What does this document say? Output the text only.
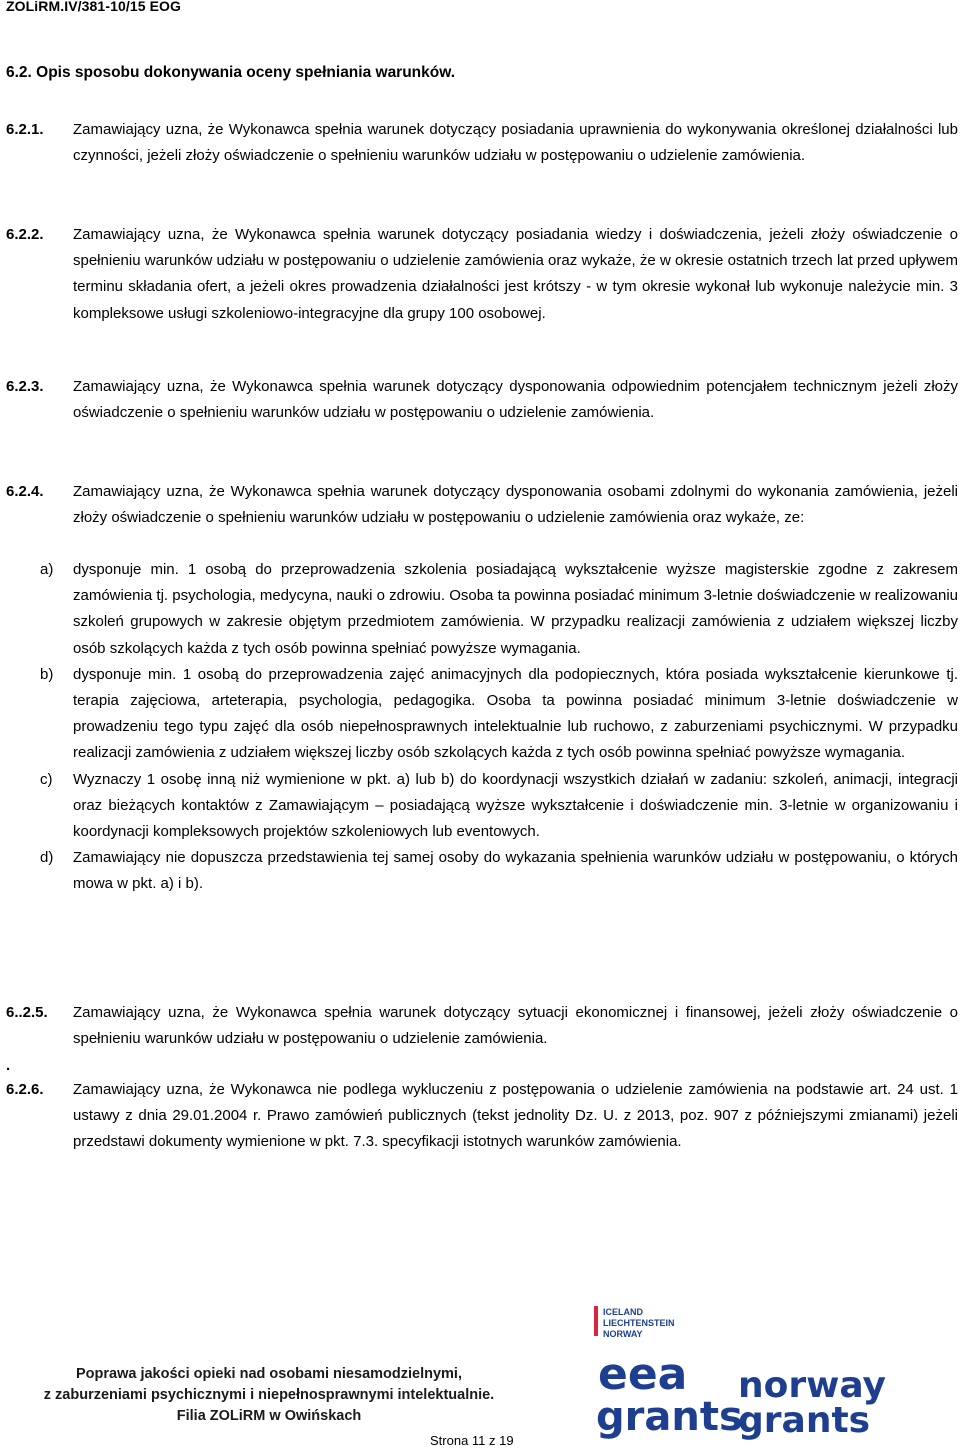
ZOLiRM.IV/381-10/15 EOG
6.2. Opis sposobu dokonywania oceny spełniania warunków.
6.2.1. Zamawiający uzna, że Wykonawca spełnia warunek dotyczący posiadania uprawnienia do wykonywania określonej działalności lub czynności, jeżeli złoży oświadczenie o spełnieniu warunków udziału w postępowaniu o udzielenie zamówienia.
6.2.2. Zamawiający uzna, że Wykonawca spełnia warunek dotyczący posiadania wiedzy i doświadczenia, jeżeli złoży oświadczenie o spełnieniu warunków udziału w postępowaniu o udzielenie zamówienia oraz wykaże, że w okresie ostatnich trzech lat przed upływem terminu składania ofert, a jeżeli okres prowadzenia działalności jest krótszy - w tym okresie wykonał lub wykonuje należycie min. 3 kompleksowe usługi szkoleniowo-integracyjne dla grupy 100 osobowej.
6.2.3. Zamawiający uzna, że Wykonawca spełnia warunek dotyczący dysponowania odpowiednim potencjałem technicznym jeżeli złoży oświadczenie o spełnieniu warunków udziału w postępowaniu o udzielenie zamówienia.
6.2.4. Zamawiający uzna, że Wykonawca spełnia warunek dotyczący dysponowania osobami zdolnymi do wykonania zamówienia, jeżeli złoży oświadczenie o spełnieniu warunków udziału w postępowaniu o udzielenie zamówienia oraz wykaże, ze:
a) dysponuje min. 1 osobą do przeprowadzenia szkolenia posiadającą wykształcenie wyższe magisterskie zgodne z zakresem zamówienia tj. psychologia, medycyna, nauki o zdrowiu. Osoba ta powinna posiadać minimum 3-letnie doświadczenie w realizowaniu szkoleń grupowych w zakresie objętym przedmiotem zamówienia. W przypadku realizacji zamówienia z udziałem większej liczby osób szkolących każda z tych osób powinna spełniać powyższe wymagania.
b) dysponuje min. 1 osobą do przeprowadzenia zajęć animacyjnych dla podopiecznych, która posiada wykształcenie kierunkowe tj. terapia zajęciowa, arteterapia, psychologia, pedagogika. Osoba ta powinna posiadać minimum 3-letnie doświadczenie w prowadzeniu tego typu zajęć dla osób niepełnosprawnych intelektualnie lub ruchowo, z zaburzeniami psychicznymi. W przypadku realizacji zamówienia z udziałem większej liczby osób szkolących każda z tych osób powinna spełniać powyższe wymagania.
c) Wyznaczy 1 osobę inną niż wymienione w pkt. a) lub b) do koordynacji wszystkich działań w zadaniu: szkoleń, animacji, integracji oraz bieżących kontaktów z Zamawiającym – posiadającą wyższe wykształcenie i doświadczenie min. 3-letnie w organizowaniu i koordynacji kompleksowych projektów szkoleniowych lub eventowych.
d) Zamawiający nie dopuszcza przedstawienia tej samej osoby do wykazania spełnienia warunków udziału w postępowaniu, o których mowa w pkt. a) i b).
6..2.5. Zamawiający uzna, że Wykonawca spełnia warunek dotyczący sytuacji ekonomicznej i finansowej, jeżeli złoży oświadczenie o spełnieniu warunków udziału w postępowaniu o udzielenie zamówienia.
.
6.2.6. Zamawiający uzna, że Wykonawca nie podlega wykluczeniu z postępowania o udzielenie zamówienia na podstawie art. 24 ust. 1 ustawy z dnia 29.01.2004 r. Prawo zamówień publicznych (tekst jednolity Dz. U. z 2013, poz. 907 z późniejszymi zmianami) jeżeli przedstawi dokumenty wymienione w pkt. 7.3. specyfikacji istotnych warunków zamówienia.
Poprawa jakości opieki nad osobami niesamodzielnymi,
z zaburzeniami psychicznymi i niepełnosprawnymi intelektualnie.
Filia ZOLiRM w Owińskach
ICELAND
LIECHTENSTEIN
NORWAY
eea
grants
norway
grants
Strona 11 z 19
